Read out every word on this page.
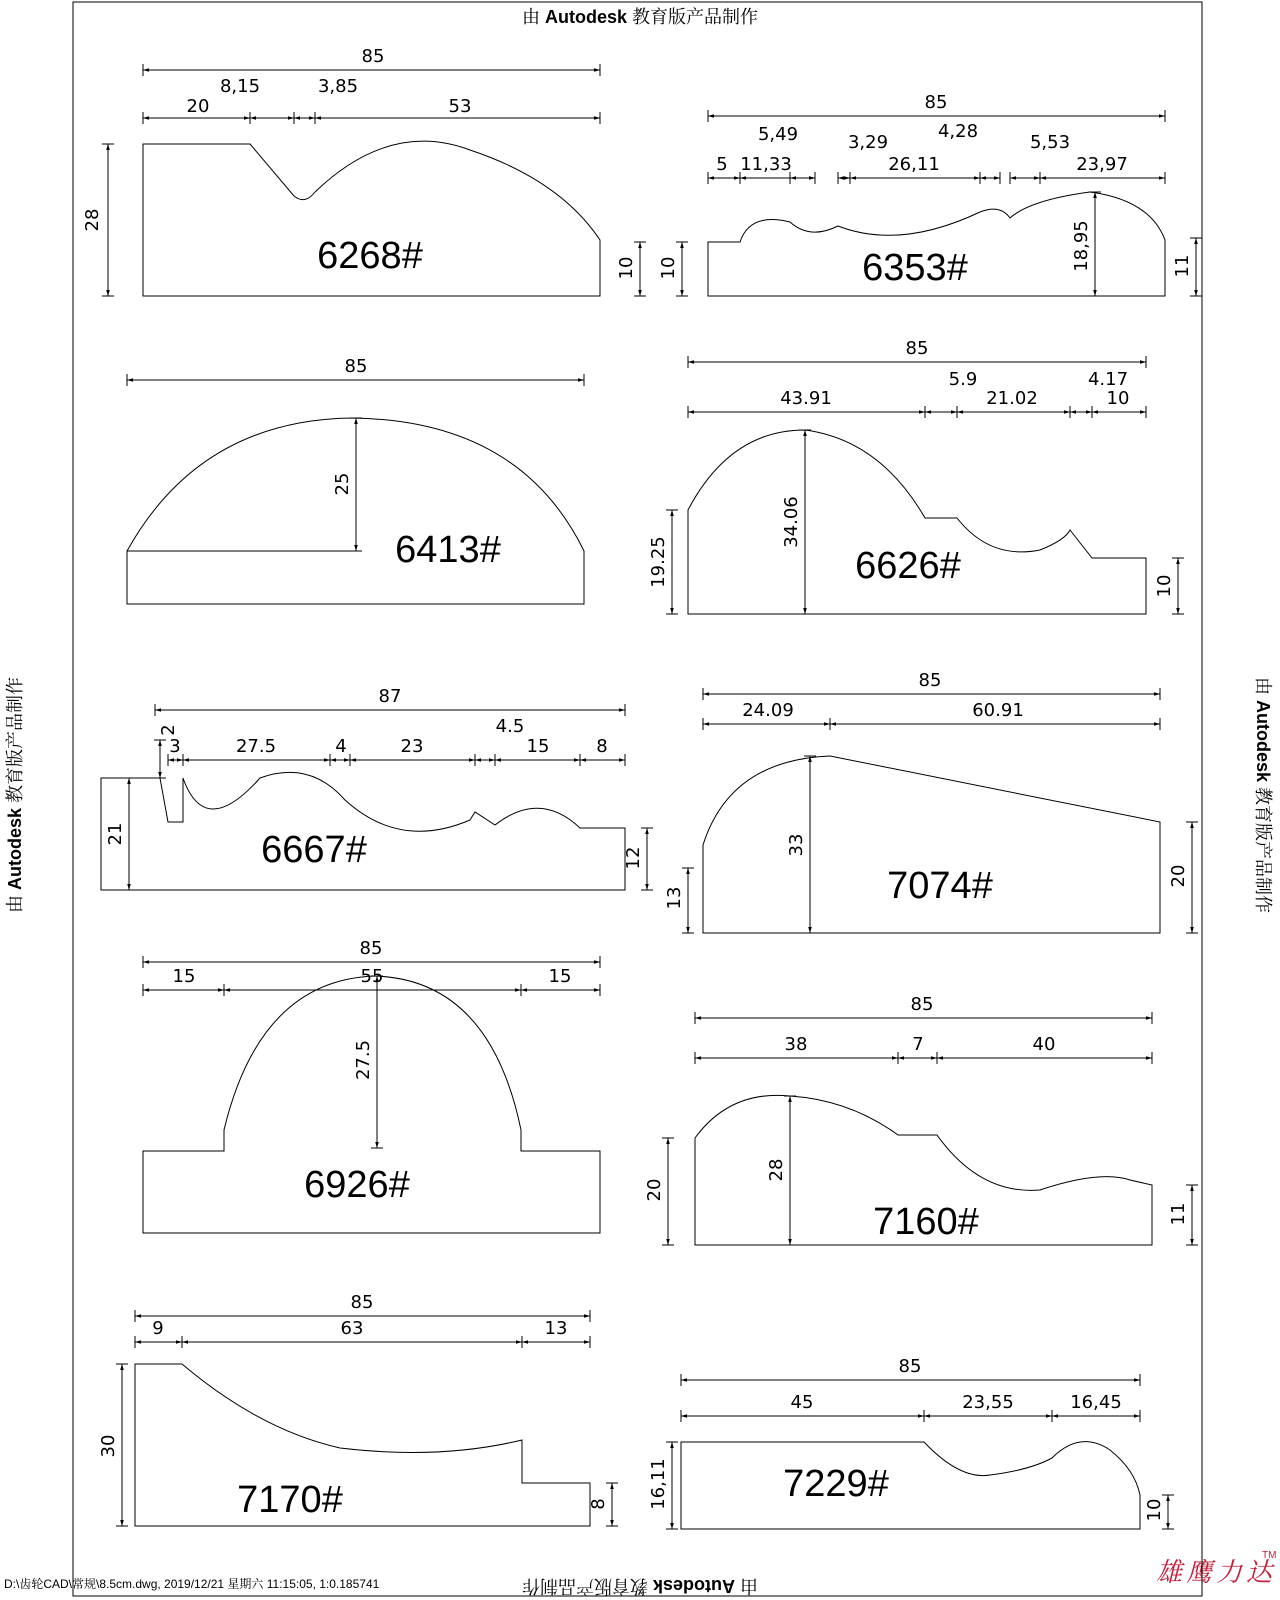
由 Autodesk 教育版产品制作
由 Autodesk 教育版产品制作
由 Autodesk 教育版产品制作	由 Autodesk 教育版产品制作
D:\齿轮CAD\常规\8.5cm.dwg, 2019/12/21 星期六 11:15:05, 1:0.185741	雄鹰力达
TM
85
20
8,15	3,85
53
28
10
85
5 11,33
5,49	3,29
26,11
4,28
5,53
23,97
18,95
10	11
85
25
85
43.91
5.9
21.02
4.17
10
34.06
19.25	10
87
2
3	27.5	4	23
4.5
15	8
21
12
85
24.09	60.91
33
13
20
85
15	55	15
27.5
85
38	7	40
28
20
11
85
9	63	13
30
8
85
45	23,55	16,45
16,11
10
6268#	6353#
6413#	6626#
6667#
7074#
6926#
7160#
7170#	7229#
